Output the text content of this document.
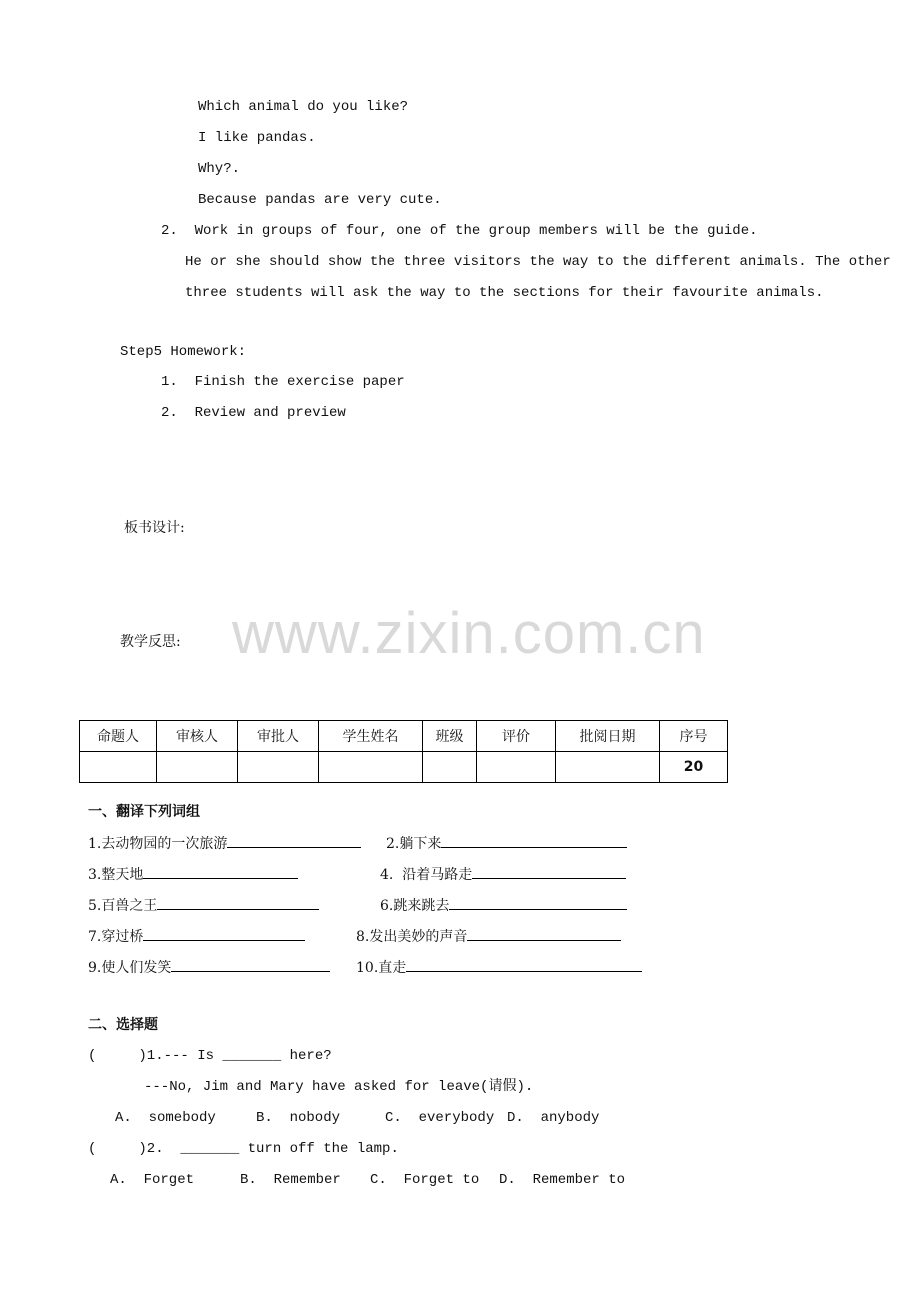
www.zixin.com.cn
Which animal do you like?
I like pandas.
Why?.
Because pandas are very cute.
2.  Work in groups of four, one of the group members will be the guide.
He or she should show the three visitors the way to the different animals. The other
three students will ask the way to the sections for their favourite animals.
Step5 Homework:
1.  Finish the exercise paper
2.  Review and preview
板书设计:
教学反思:
命题人	审核人	审批人	学生姓名	班级	评价	批阅日期	序号
							20
一、翻译下列词组
1.去动物园的一次旅游	2.躺下来
3.整天地	4.  沿着马路走
5.百兽之王	6.跳来跳去
7.穿过桥	8.发出美妙的声音
9.使人们发笑	10.直走
二、选择题
(     )1.--- Is _______ here?
---No, Jim and Mary have asked for leave(请假).
A.  somebody	B.  nobody	C.  everybody D.  anybody
(     )2.  _______ turn off the lamp.
A.  Forget	B.  Remember C.  Forget to D.  Remember to
